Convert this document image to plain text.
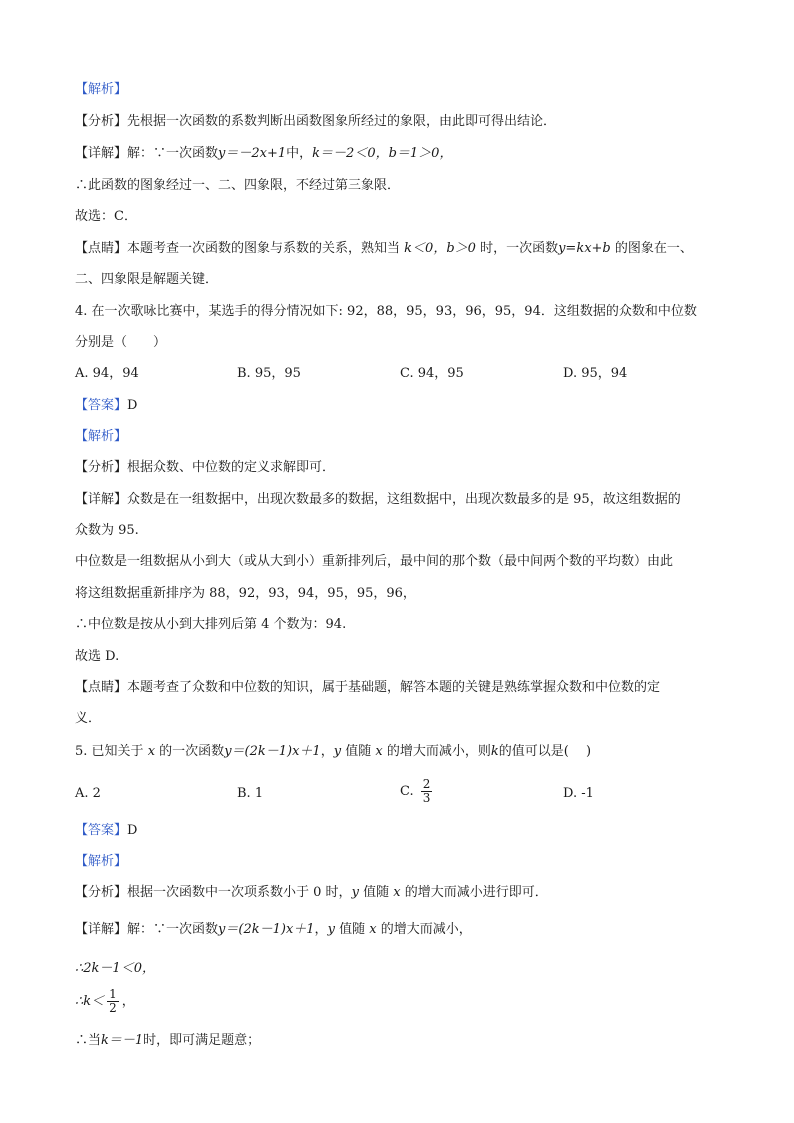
【解析】
【分析】先根据一次函数的系数判断出函数图象所经过的象限，由此即可得出结论．
【详解】解：∵一次函数y＝－2x+1中，k＝－2＜0，b＝1＞0，
∴此函数的图象经过一、二、四象限，不经过第三象限．
故选：C．
【点睛】本题考查一次函数的图象与系数的关系，熟知当 k＜0，b＞0 时，一次函数y=kx+b 的图象在一、
二、四象限是解题关键．
4. 在一次歌咏比赛中，某选手的得分情况如下: 92，88，95，93，96，95，94．这组数据的众数和中位数
分别是（　　）
A. 94，94	B. 95，95	C. 94，95	D. 95，94
【答案】D
【解析】
【分析】根据众数、中位数的定义求解即可．
【详解】众数是在一组数据中，出现次数最多的数据，这组数据中，出现次数最多的是 95，故这组数据的
众数为 95.
中位数是一组数据从小到大（或从大到小）重新排列后，最中间的那个数（最中间两个数的平均数）由此
将这组数据重新排序为 88，92，93，94，95，95，96，
∴中位数是按从小到大排列后第 4 个数为：94.
故选 D.
【点睛】本题考查了众数和中位数的知识，属于基础题，解答本题的关键是熟练掌握众数和中位数的定
义．
5. 已知关于 x 的一次函数y＝(2k－1)x＋1，y 值随 x 的增大而减小，则k的值可以是(　 )
A. 2	B. 1	C. $\frac{2}{3}$	D. -1
【答案】D
【解析】
【分析】根据一次函数中一次项系数小于 0 时，y 值随 x 的增大而减小进行即可．
【详解】解：∵一次函数y＝(2k－1)x＋1，y 值随 x 的增大而减小，
∴2k－1＜0，
∴k＜ $\frac{1}{2}$ ，
∴当k＝－1时，即可满足题意；
